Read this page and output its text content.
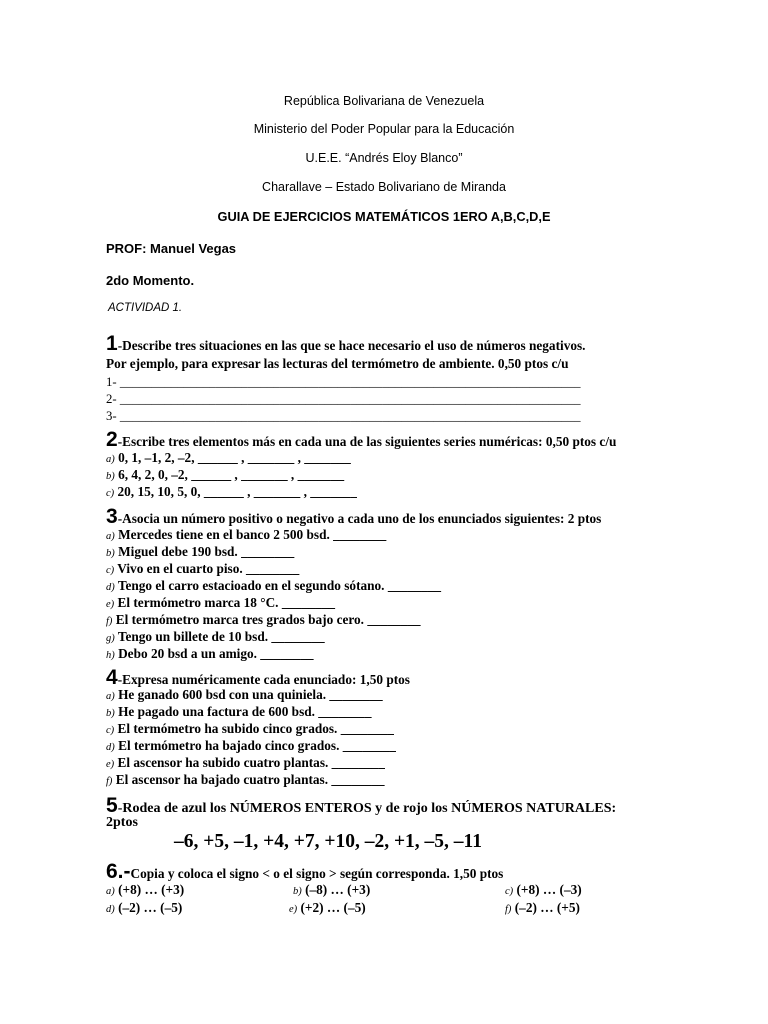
República Bolivariana de Venezuela
Ministerio del Poder Popular para la Educación
U.E.E. “Andrés Eloy Blanco”
Charallave – Estado Bolivariano de Miranda
GUIA DE EJERCICIOS MATEMÁTICOS 1ERO A,B,C,D,E
PROF: Manuel Vegas
2do Momento.
ACTIVIDAD 1.
1-Describe tres situaciones en las que se hace necesario el uso de números negativos.
Por ejemplo, para expresar las lecturas del termómetro de ambiente. 0,50 ptos c/u
1- ________________________________________________________________________
2- ________________________________________________________________________
3- ________________________________________________________________________
2-Escribe tres elementos más en cada una de las siguientes series numéricas: 0,50 ptos c/u
a) 0, 1, –1, 2, –2, ______ , _______ , _______
b) 6, 4, 2, 0, –2, ______ , _______ , _______
c) 20, 15, 10, 5, 0, ______ , _______ , _______
3-Asocia un número positivo o negativo a cada uno de los enunciados siguientes: 2 ptos
a) Mercedes tiene en el banco 2 500 bsd. ________
b) Miguel debe 190 bsd. ________
c) Vivo en el cuarto piso. ________
d) Tengo el carro estacioado en el segundo sótano. ________
e) El termómetro marca 18 °C. ________
f) El termómetro marca tres grados bajo cero. ________
g) Tengo un billete de 10 bsd. ________
h) Debo 20 bsd a un amigo. ________
4-Expresa numéricamente cada enunciado: 1,50 ptos
a) He ganado 600 bsd con una quiniela. ________
b) He pagado una factura de 600 bsd. ________
c) El termómetro ha subido cinco grados. ________
d) El termómetro ha bajado cinco grados. ________
e) El ascensor ha subido cuatro plantas. ________
f) El ascensor ha bajado cuatro plantas. ________
5-Rodea de azul los NÚMEROS ENTEROS y de rojo los NÚMEROS NATURALES:
2ptos
–6, +5, –1, +4, +7, +10, –2, +1, –5, –11
6.-Copia y coloca el signo < o el signo > según corresponda. 1,50 ptos
a) (+8) … (+3)	b) (–8) … (+3)	c) (+8) … (–3)
d) (–2) … (–5)	e) (+2) … (–5)	f) (–2) … (+5)
